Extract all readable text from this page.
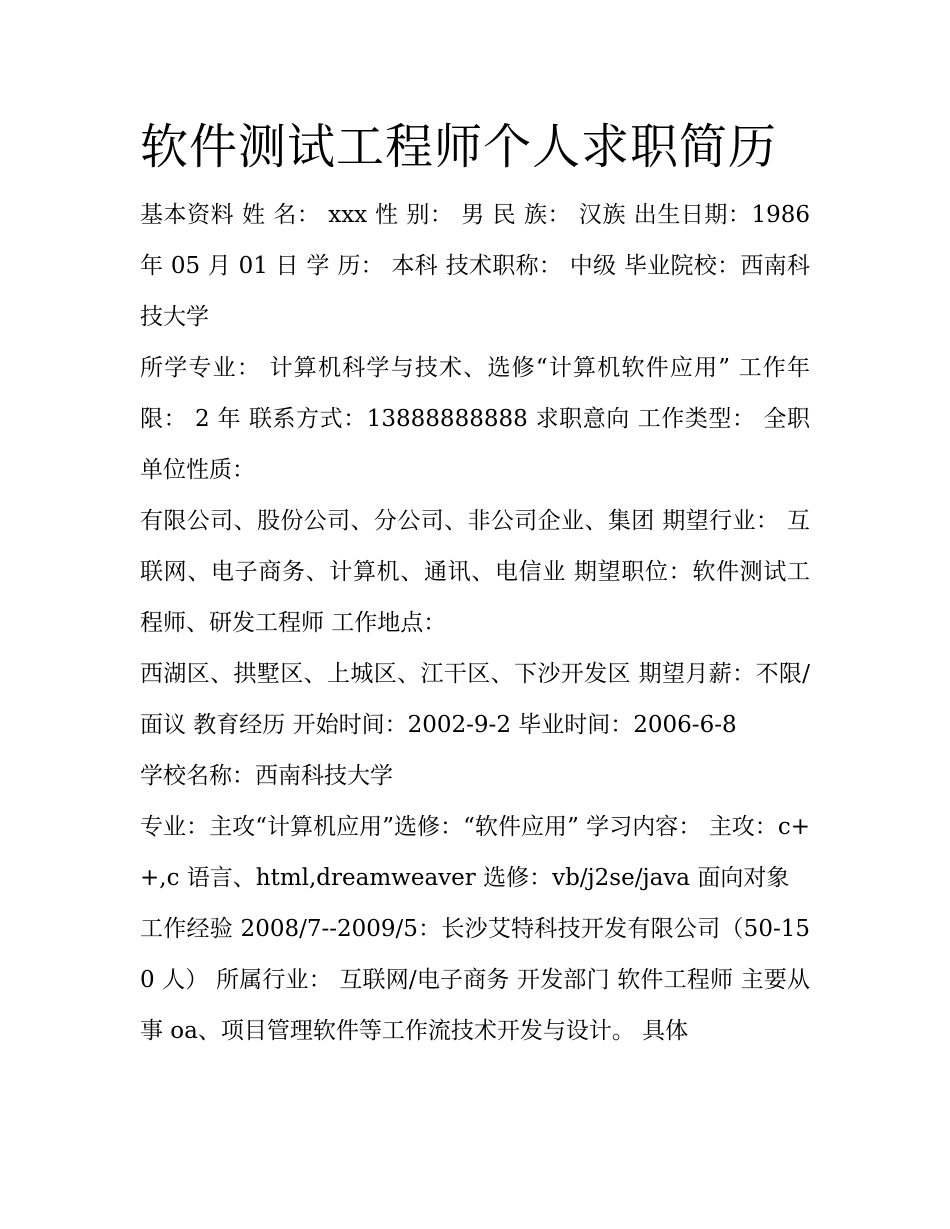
软件测试工程师个人求职简历

基本资料 姓 名： xxx 性 别： 男 民 族： 汉族 出生日期：1986 年 05 月 01 日 学 历： 本科 技术职称： 中级 毕业院校：西南科技大学

所学专业： 计算机科学与技术、选修“计算机软件应用” 工作年限： 2 年 联系方式：13888888888 求职意向 工作类型： 全职 单位性质：

有限公司、股份公司、分公司、非公司企业、集团 期望行业： 互联网、电子商务、计算机、通讯、电信业 期望职位：软件测试工程师、研发工程师 工作地点：

西湖区、拱墅区、上城区、江干区、下沙开发区 期望月薪：不限/面议 教育经历 开始时间：2002-9-2 毕业时间：2006-6-8

学校名称：西南科技大学

专业：主攻“计算机应用”选修：“软件应用” 学习内容： 主攻：c++,c 语言、html,dreamweaver 选修：vb/j2se/java 面向对象

工作经验 2008/7--2009/5：长沙艾特科技开发有限公司（50-150 人） 所属行业： 互联网/电子商务 开发部门 软件工程师 主要从事 oa、项目管理软件等工作流技术开发与设计。 具体
